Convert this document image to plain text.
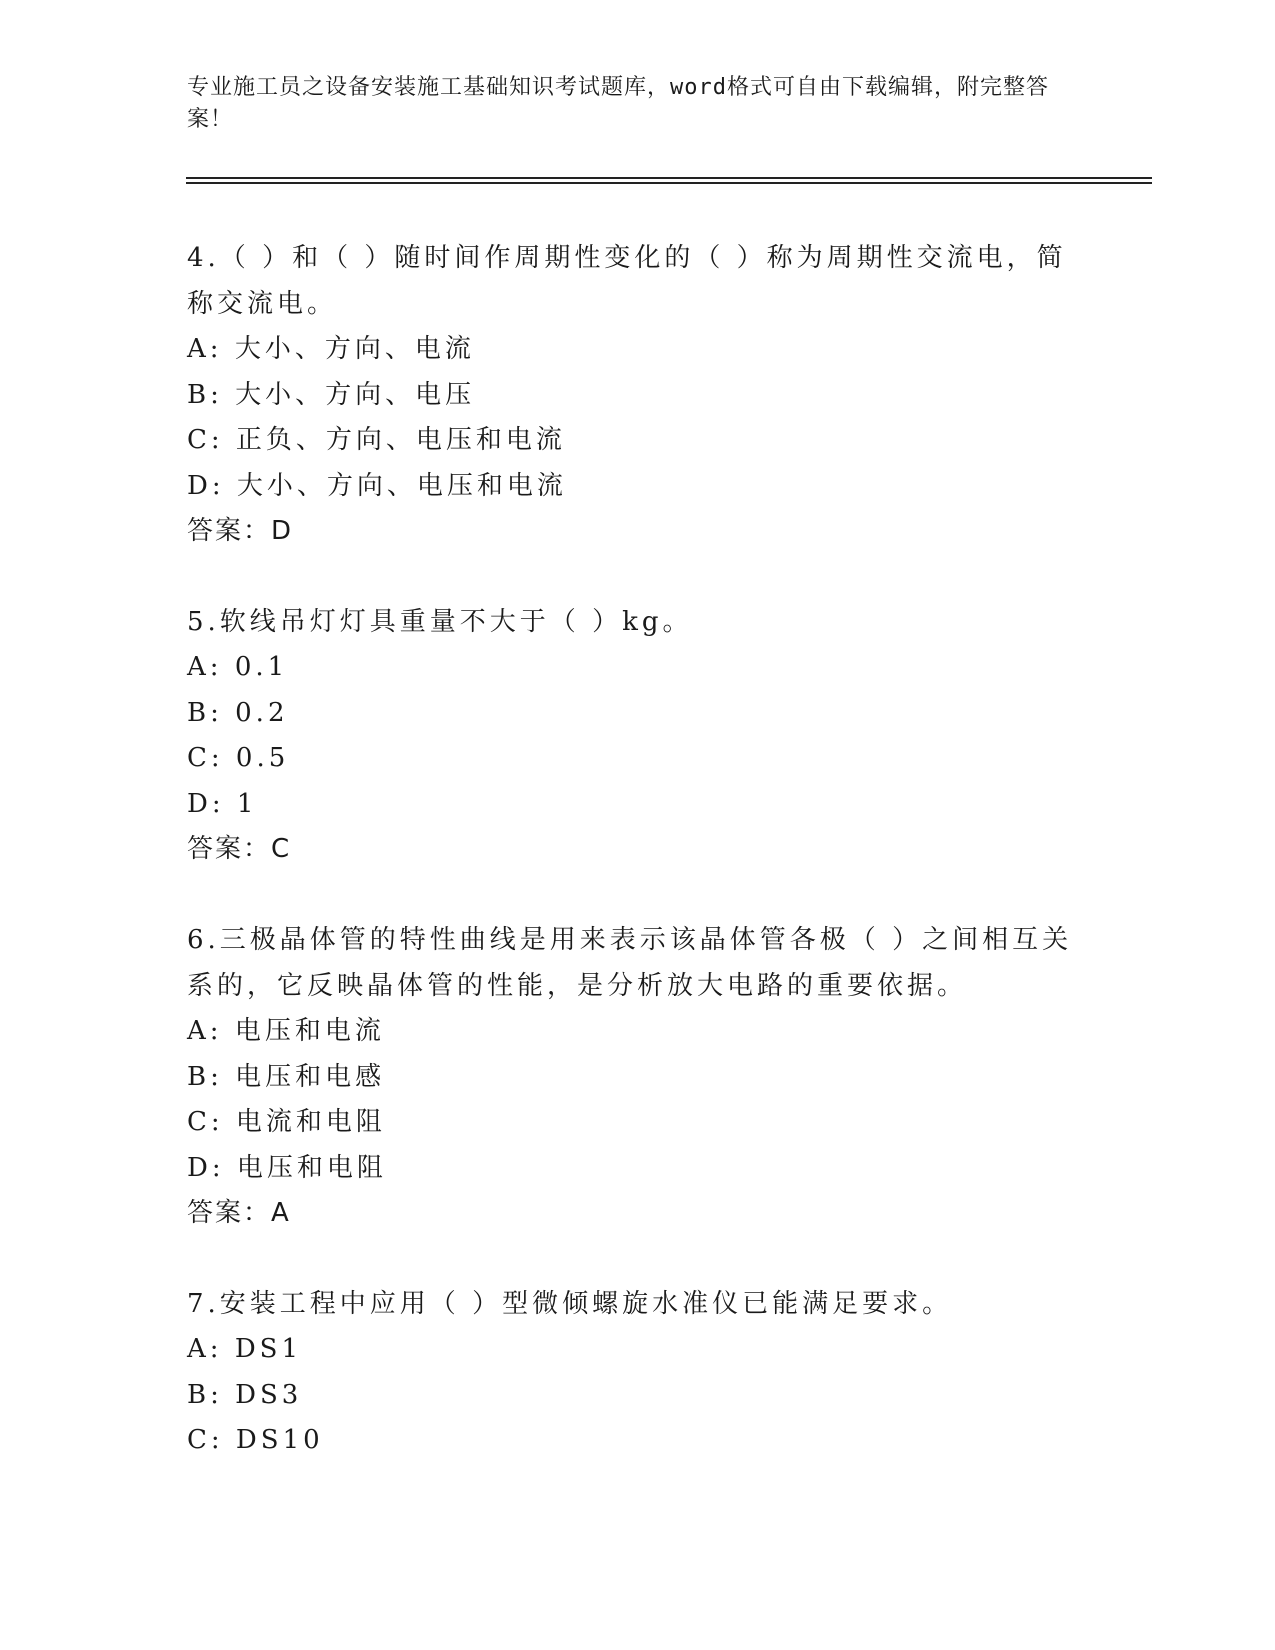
专业施工员之设备安装施工基础知识考试题库，word格式可自由下载编辑，附完整答案！

4.（ ）和（ ）随时间作周期性变化的（ ）称为周期性交流电，简称交流电。

A: 大小、方向、电流

B: 大小、方向、电压

C: 正负、方向、电压和电流

D: 大小、方向、电压和电流

答案：D

5.软线吊灯灯具重量不大于（ ）kg。

A: 0.1

B: 0.2

C: 0.5

D: 1

答案：C

6.三极晶体管的特性曲线是用来表示该晶体管各极（ ）之间相互关系的，它反映晶体管的性能，是分析放大电路的重要依据。

A: 电压和电流

B: 电压和电感

C: 电流和电阻

D: 电压和电阻

答案：A

7.安装工程中应用（ ）型微倾螺旋水准仪已能满足要求。

A: DS1

B: DS3

C: DS10
